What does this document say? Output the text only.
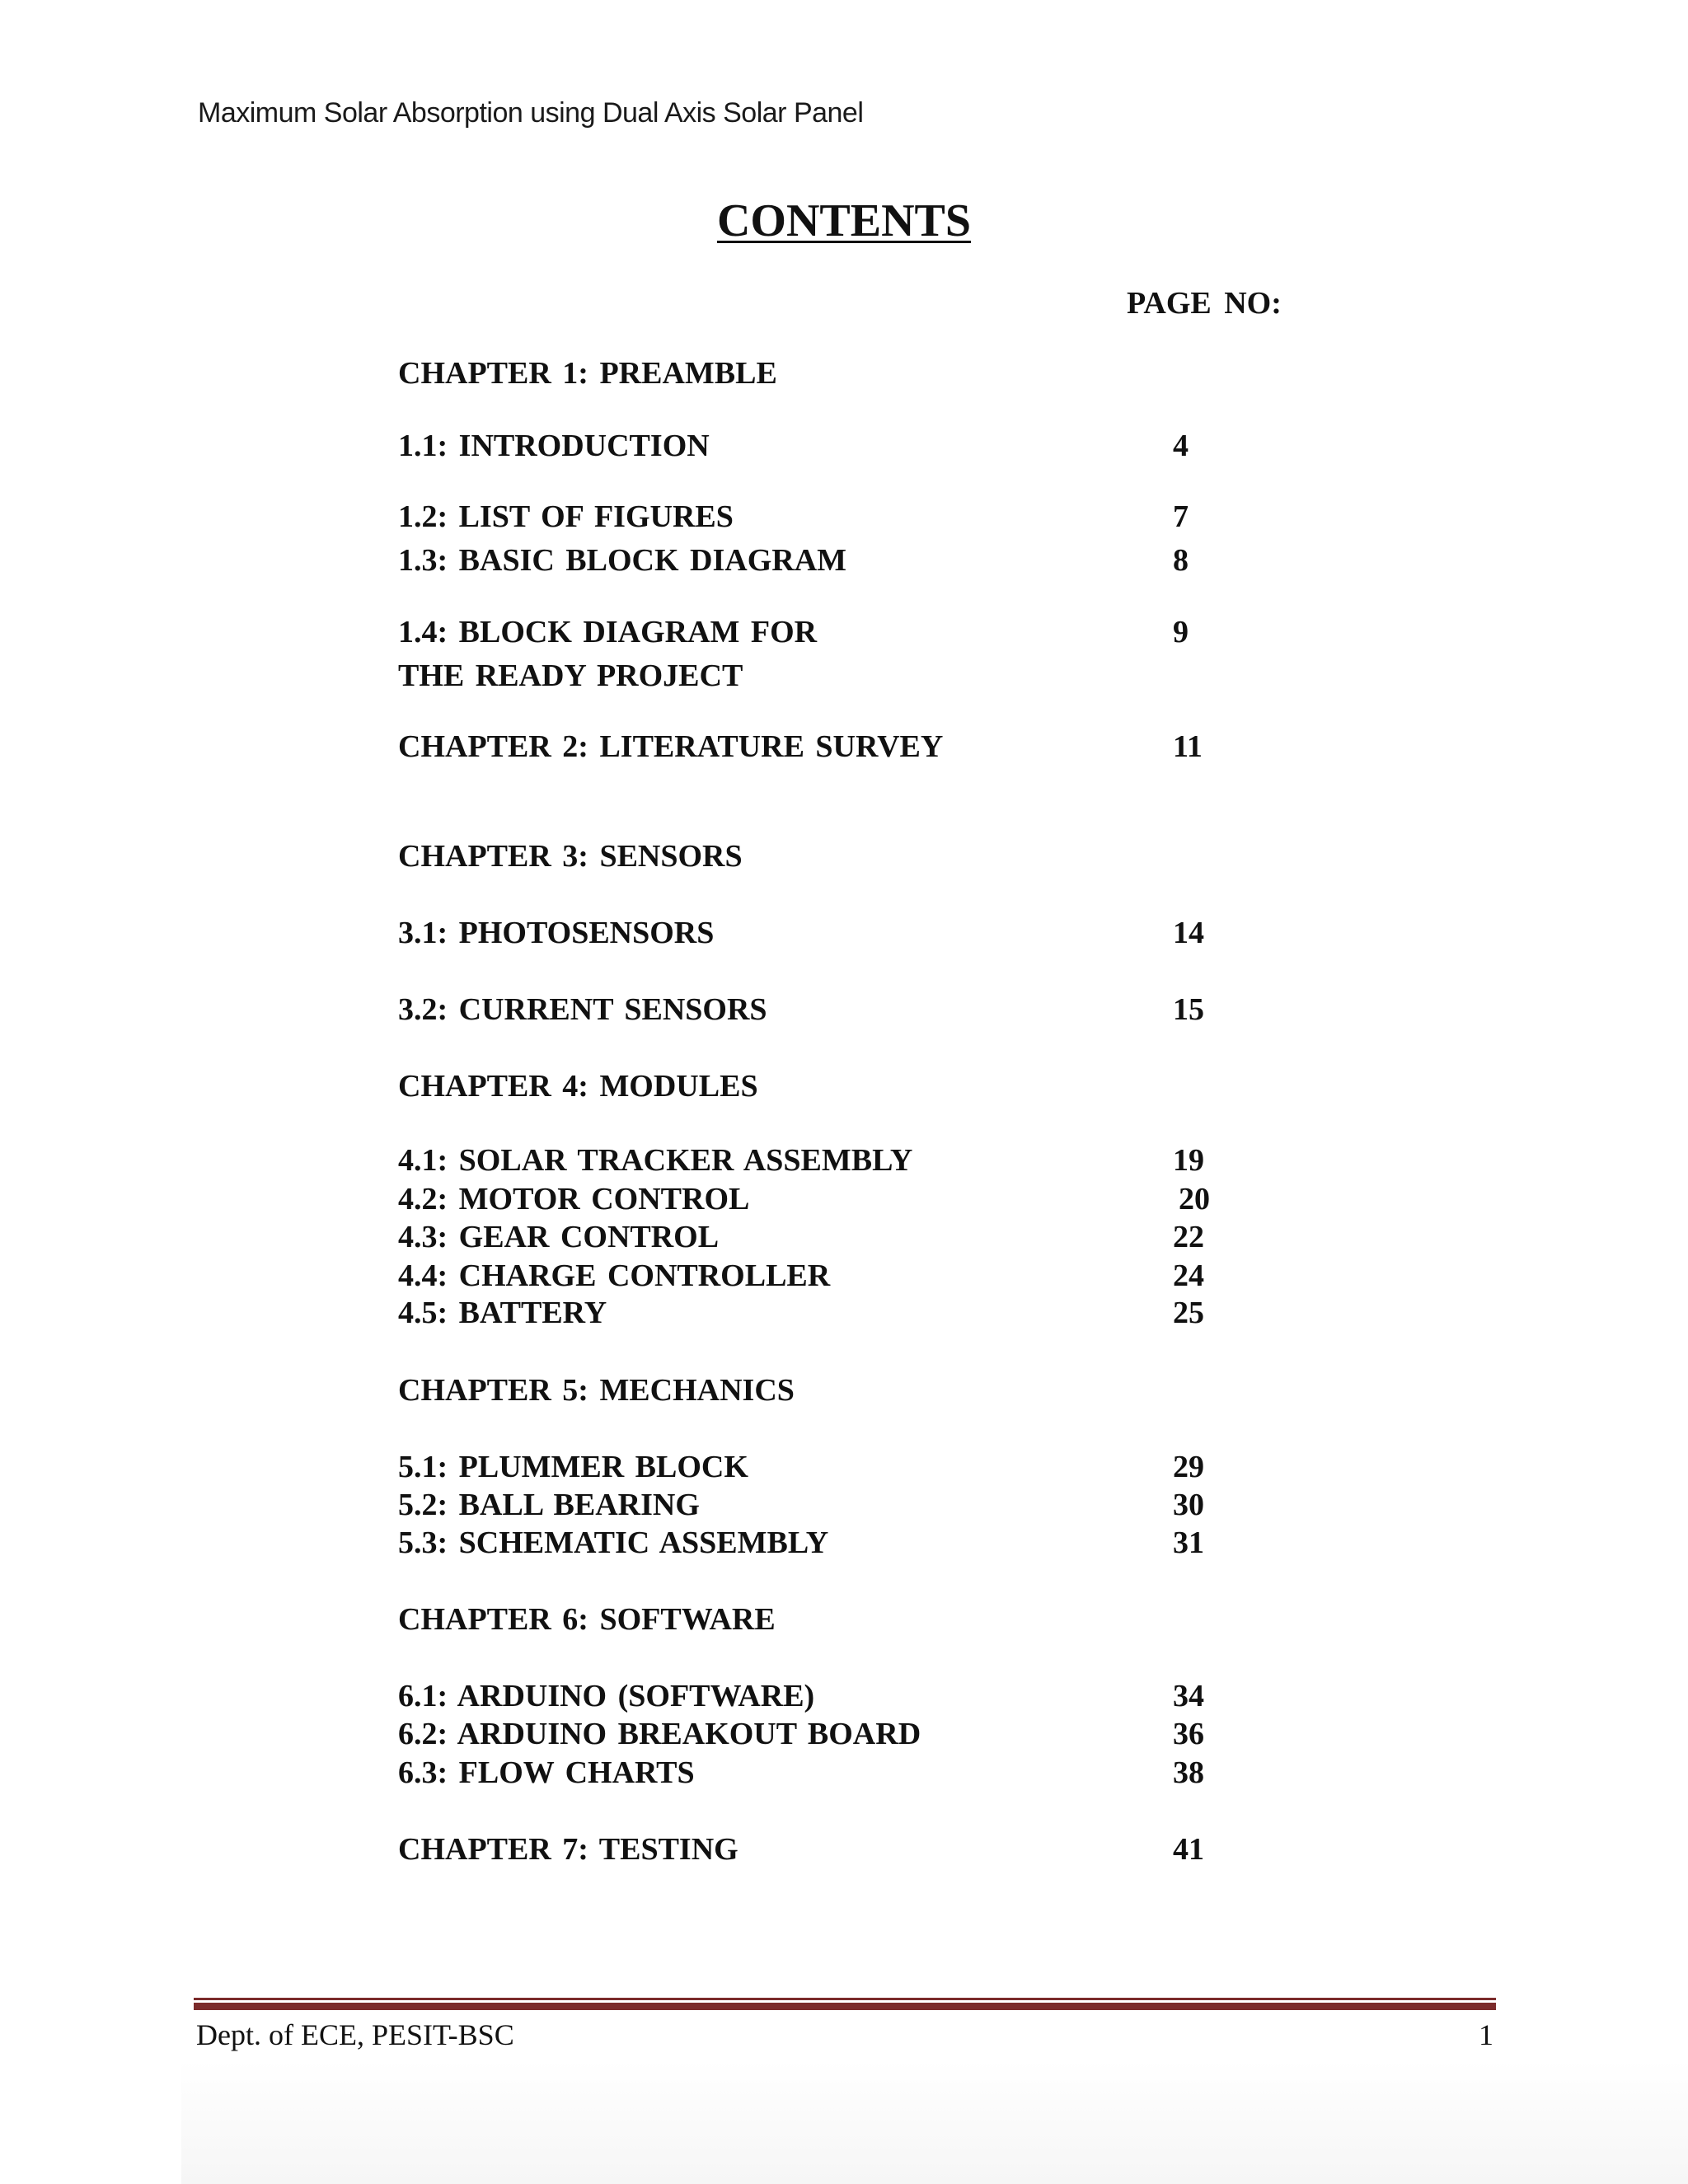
Maximum Solar Absorption using Dual Axis Solar Panel
CONTENTS
PAGE NO:
CHAPTER 1: PREAMBLE
1.1: INTRODUCTION	4
1.2: LIST OF FIGURES	7
1.3: BASIC BLOCK DIAGRAM	8
1.4: BLOCK DIAGRAM FOR	9
THE READY PROJECT
CHAPTER 2: LITERATURE SURVEY	11
CHAPTER 3: SENSORS
3.1: PHOTOSENSORS	14
3.2: CURRENT SENSORS	15
CHAPTER 4: MODULES
4.1: SOLAR TRACKER ASSEMBLY	19
4.2: MOTOR CONTROL	20
4.3: GEAR CONTROL	22
4.4: CHARGE CONTROLLER	24
4.5: BATTERY	25
CHAPTER 5: MECHANICS
5.1: PLUMMER BLOCK	29
5.2: BALL BEARING	30
5.3: SCHEMATIC ASSEMBLY	31
CHAPTER 6: SOFTWARE
6.1: ARDUINO (SOFTWARE)	34
6.2: ARDUINO BREAKOUT BOARD	36
6.3: FLOW CHARTS	38
CHAPTER 7: TESTING	41
Dept. of ECE, PESIT-BSC	1
